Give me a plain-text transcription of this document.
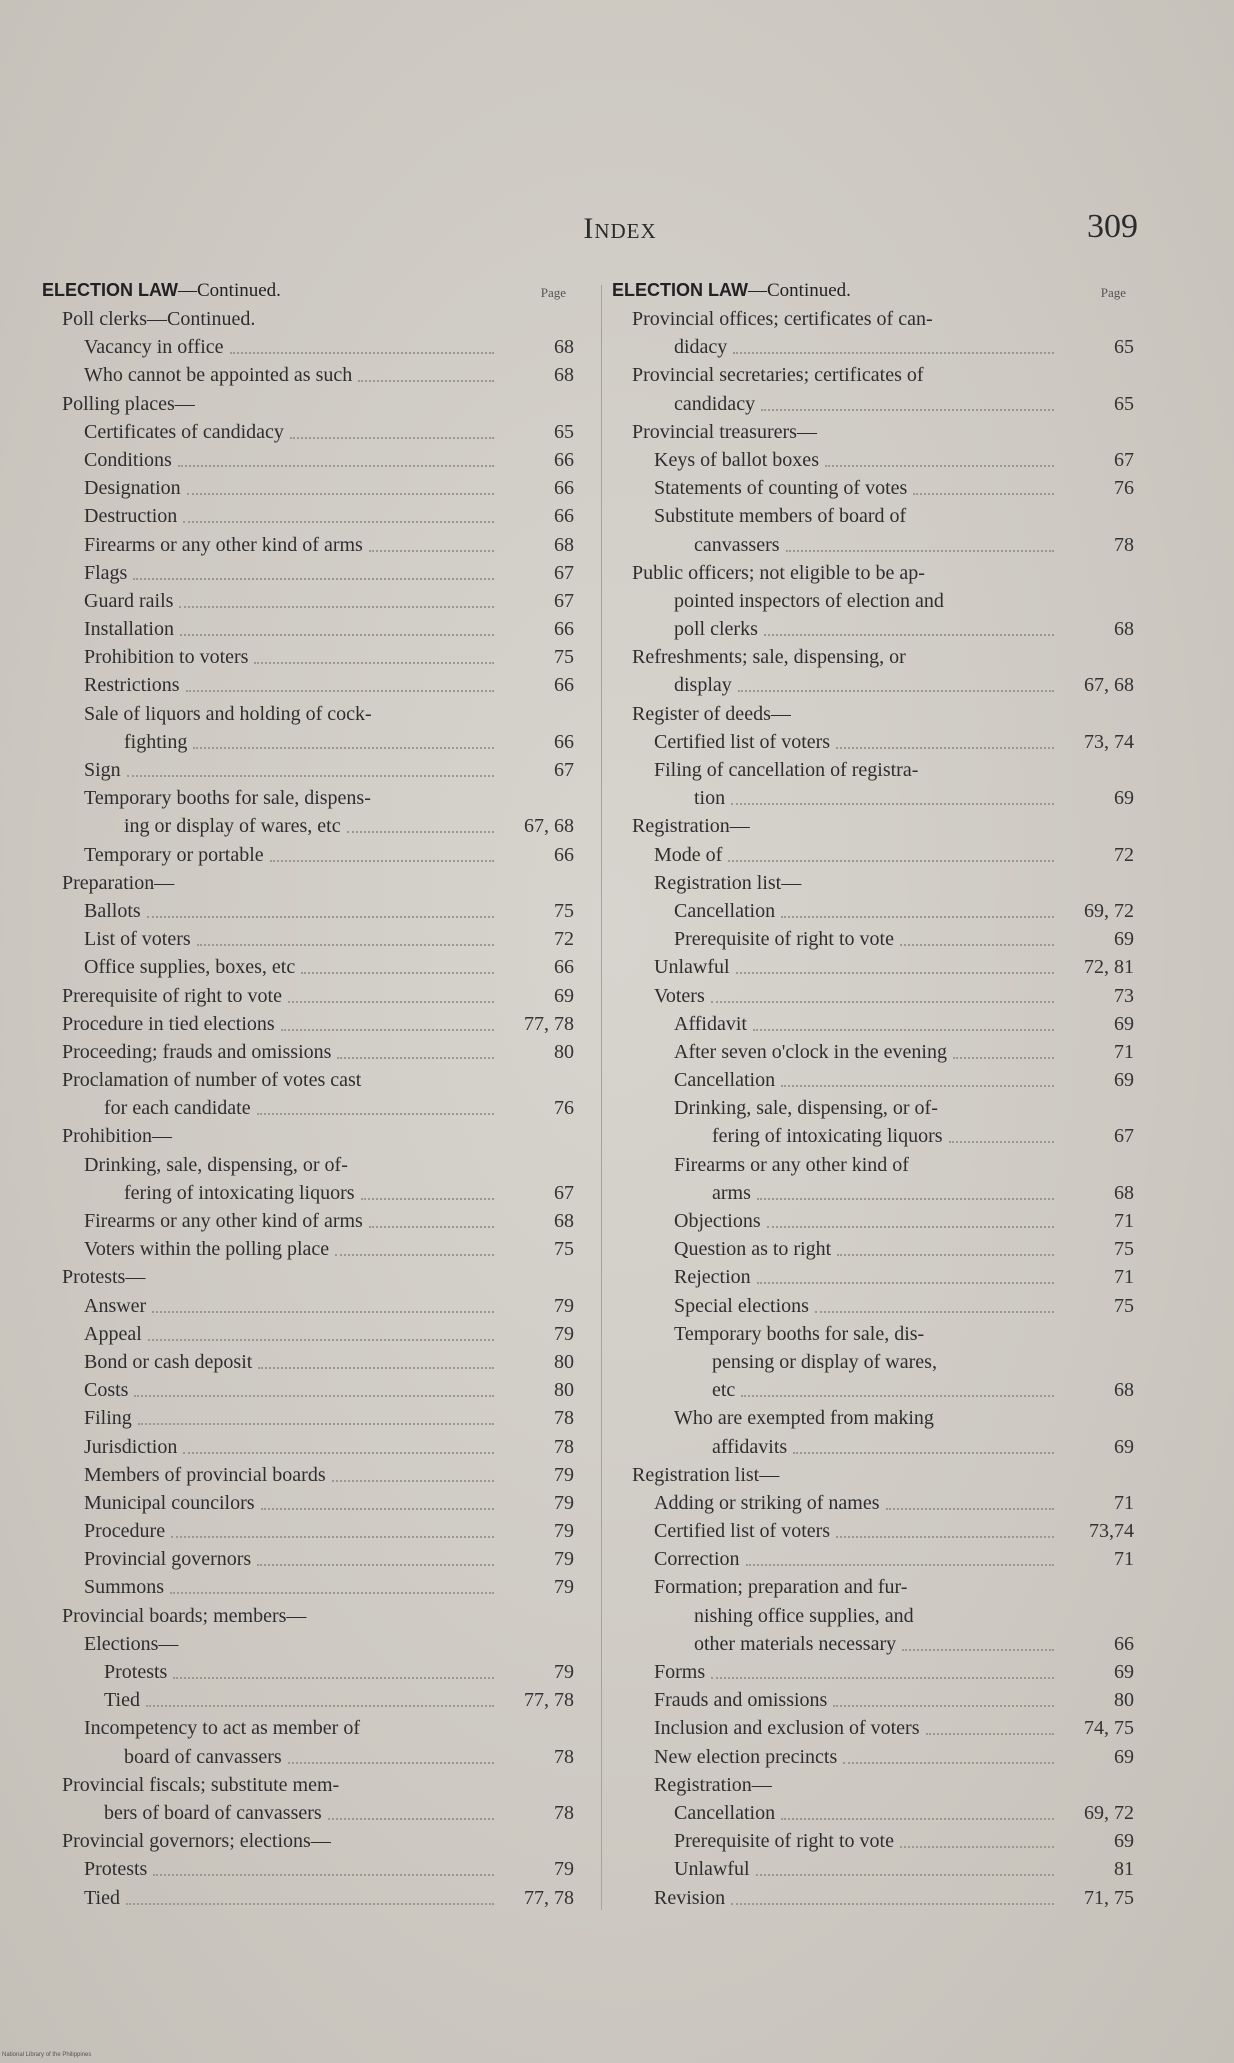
Index	309
ELECTION LAW—Continued.	Page
Poll clerks—Continued.
Vacancy in office	68
Who cannot be appointed as such	68
Polling places—
Certificates of candidacy	65
Conditions	66
Designation	66
Destruction	66
Firearms or any other kind of arms	68
Flags	67
Guard rails	67
Installation	66
Prohibition to voters	75
Restrictions	66
Sale of liquors and holding of cock-
fighting	66
Sign	67
Temporary booths for sale, dispens-
ing or display of wares, etc	67, 68
Temporary or portable	66
Preparation—
Ballots	75
List of voters	72
Office supplies, boxes, etc	66
Prerequisite of right to vote	69
Procedure in tied elections	77, 78
Proceeding; frauds and omissions	80
Proclamation of number of votes cast
for each candidate	76
Prohibition—
Drinking, sale, dispensing, or of-
fering of intoxicating liquors	67
Firearms or any other kind of arms	68
Voters within the polling place	75
Protests—
Answer	79
Appeal	79
Bond or cash deposit	80
Costs	80
Filing	78
Jurisdiction	78
Members of provincial boards	79
Municipal councilors	79
Procedure	79
Provincial governors	79
Summons	79
Provincial boards; members—
Elections—
Protests	79
Tied	77, 78
Incompetency to act as member of
board of canvassers	78
Provincial fiscals; substitute mem-
bers of board of canvassers	78
Provincial governors; elections—
Protests	79
Tied	77, 78
ELECTION LAW—Continued.	Page
Provincial offices; certificates of can-
didacy	65
Provincial secretaries; certificates of
candidacy	65
Provincial treasurers—
Keys of ballot boxes	67
Statements of counting of votes	76
Substitute members of board of
canvassers	78
Public officers; not eligible to be ap-
pointed inspectors of election and
poll clerks	68
Refreshments; sale, dispensing, or
display	67, 68
Register of deeds—
Certified list of voters	73, 74
Filing of cancellation of registra-
tion	69
Registration—
Mode of	72
Registration list—
Cancellation	69, 72
Prerequisite of right to vote	69
Unlawful	72, 81
Voters	73
Affidavit	69
After seven o'clock in the evening	71
Cancellation	69
Drinking, sale, dispensing, or of-
fering of intoxicating liquors	67
Firearms or any other kind of
arms	68
Objections	71
Question as to right	75
Rejection	71
Special elections	75
Temporary booths for sale, dis-
pensing or display of wares,
etc	68
Who are exempted from making
affidavits	69
Registration list—
Adding or striking of names	71
Certified list of voters	73,74
Correction	71
Formation; preparation and fur-
nishing office supplies, and
other materials necessary	66
Forms	69
Frauds and omissions	80
Inclusion and exclusion of voters	74, 75
New election precincts	69
Registration—
Cancellation	69, 72
Prerequisite of right to vote	69
Unlawful	81
Revision	71, 75
National Library of the Philippines
